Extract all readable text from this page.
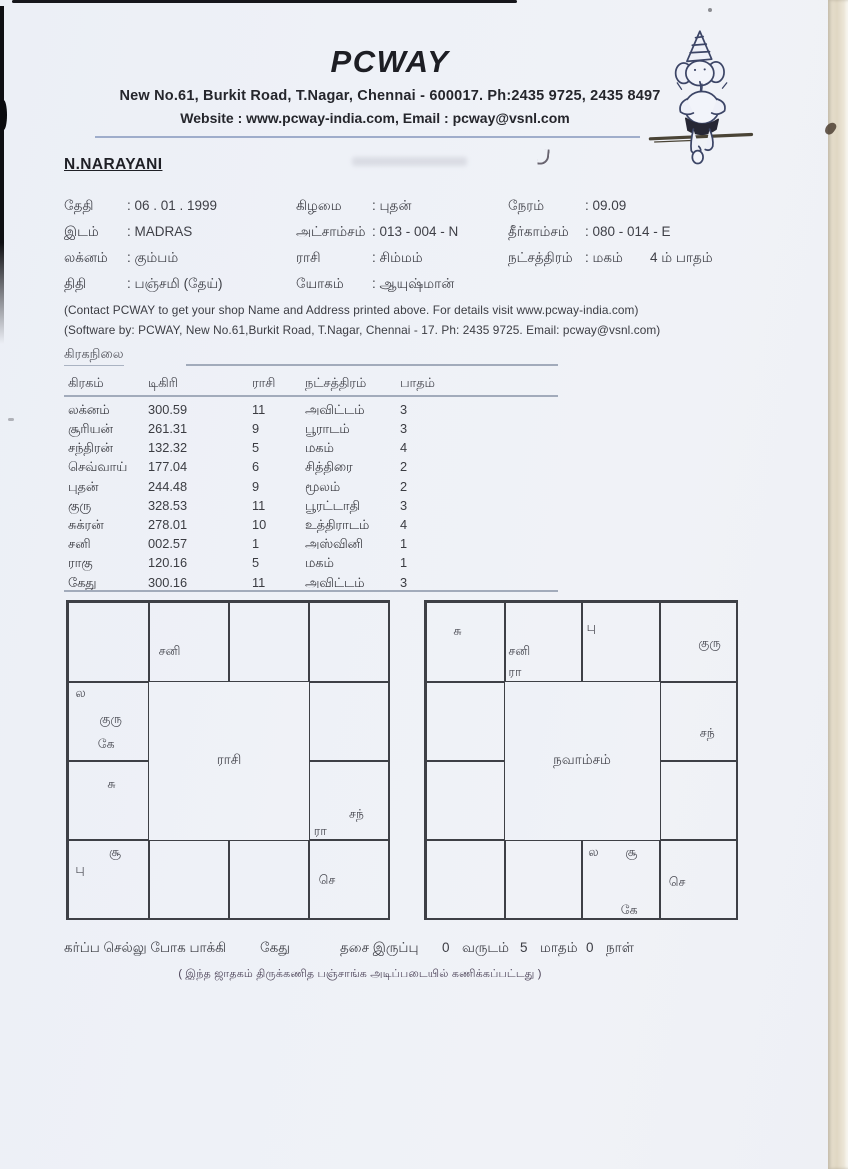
PCWAY
New No.61, Burkit Road, T.Nagar, Chennai - 600017. Ph:2435 9725, 2435 8497
Website : www.pcway-india.com, Email : pcway@vsnl.com
N.NARAYANI
தேதி : 06 . 01 . 1999	கிழமை : புதன்	நேரம்	: 09.09
இடம் : MADRAS	அட்சாம்சம் : 013 - 004 - N	தீர்காம்சம் : 080 - 014 - E
லக்னம் : கும்பம்	ராசி	: சிம்மம்	நட்சத்திரம் : மகம் 4 ம் பாதம்
திதி	: பஞ்சமி (தேய்)	யோகம் : ஆயுஷ்மான்
(Contact PCWAY to get your shop Name and Address printed above. For details visit www.pcway-india.com)
(Software by: PCWAY, New No.61,Burkit Road, T.Nagar, Chennai - 17. Ph: 2435 9725. Email: pcway@vsnl.com)
கிரகநிலை
கிரகம்	டிகிரி	ராசி நட்சத்திரம்	பாதம்
லக்னம்	300.59	11	அவிட்டம்	3
சூரியன்	261.31	9	பூராடம்	3
சந்திரன்	132.32	5	மகம்	4
செவ்வாய் 177.04	6	சித்திரை	2
புதன்	244.48	9	மூலம்	2
குரு	328.53	11	பூரட்டாதி	3
சுக்ரன்	278.01	10	உத்திராடம் 4
சனி	002.57	1	அஸ்வினி	1
ராகு	120.16	5	மகம்	1
கேது	300.16	11	அவிட்டம்	3
சனி
ல
குரு
கே
சு
சந்
ரா
சூ
பு
செ
ராசி
சு
சனி
ரா
பு
குரு
சந்
ல சூ
கே
செ
நவாம்சம்
கர்ப்ப செல்லு போக பாக்கி	கேது	தசை இருப்பு 0 வருடம் 5 மாதம் 0 நாள்
( இந்த ஜாதகம் திருக்கணித பஞ்சாங்க அடிப்படையில் கணிக்கப்பட்டது )
